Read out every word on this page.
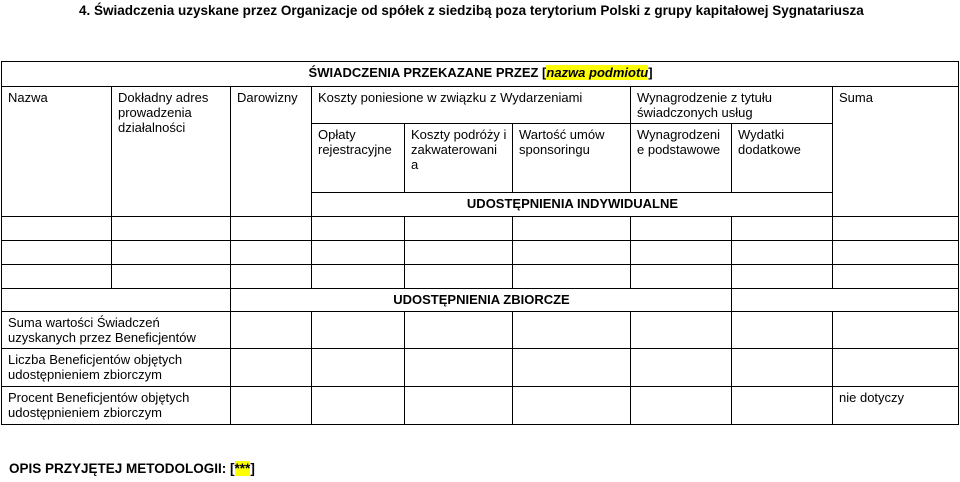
4. Świadczenia uzyskane przez Organizacje od spółek z siedzibą poza terytorium Polski z grupy kapitałowej Sygnatariusza
ŚWIADCZENIA PRZEKAZANE PRZEZ [nazwa podmiotu]								
Nazwa	Dokładny adres prowadzenia działalności	Darowizny	Koszty poniesione w związku z Wydarzeniami			Wynagrodzenie z tytułu świadczonych usług		Suma
			Opłaty rejestracyjne	Koszty podróży i zakwaterowani a	Wartość umów sponsoringu	Wynagrodzeni e podstawowe	Wydatki dodatkowe	
			UDOSTĘPNIENIA INDYWIDUALNE					

		UDOSTĘPNIENIA ZBIORCZE						
Suma wartości Świadczeń uzyskanych przez Beneficjentów								
Liczba Beneficjentów objętych udostępnieniem zbiorczym								
Procent Beneficjentów objętych udostępnieniem zbiorczym								nie dotyczy
OPIS PRZYJĘTEJ METODOLOGII: [***]
